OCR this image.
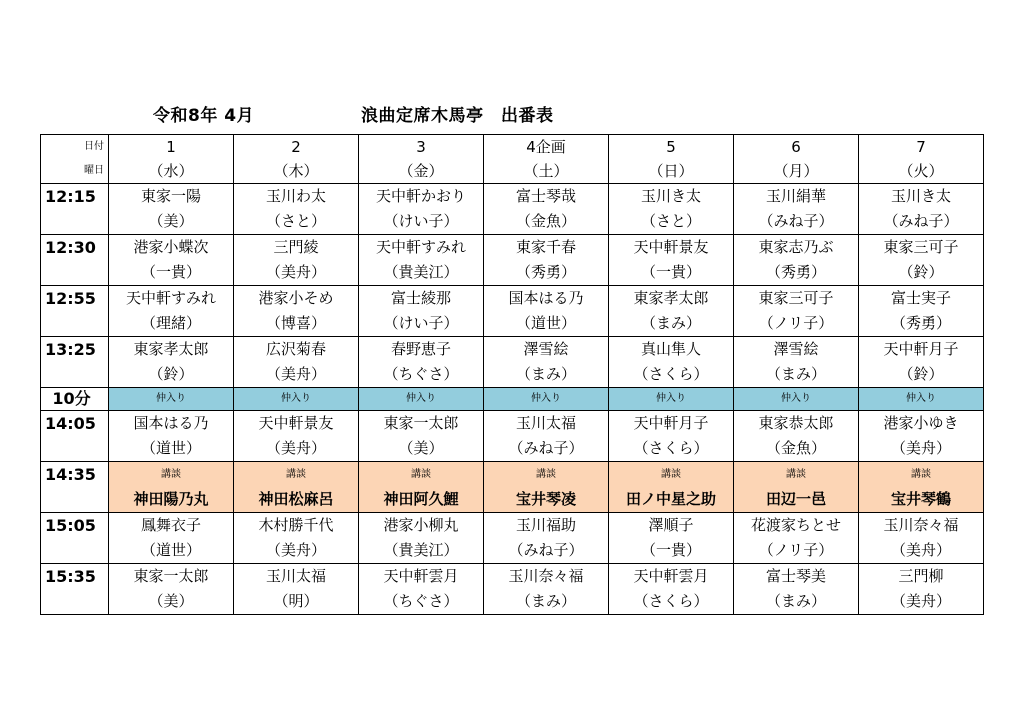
令和8年 4月	浪曲定席木馬亭　出番表
日付	1	2	3	4企画	5	6	7
曜日	（水）	（木）	（金）	（土）	（日）	（月）	（火）
12:15	東家一陽	玉川わ太	天中軒かおり	富士琴哉	玉川き太	玉川絹華	玉川き太
	（美）	（さと）	（けい子）	（金魚）	（さと）	（みね子）	（みね子）
12:30	港家小蝶次	三門綾	天中軒すみれ	東家千春	天中軒景友	東家志乃ぶ	東家三可子
	（一貴）	（美舟）	（貴美江）	（秀勇）	（一貴）	（秀勇）	（鈴）
12:55	天中軒すみれ	港家小そめ	富士綾那	国本はる乃	東家孝太郎	東家三可子	富士実子
	（理緒）	（博喜）	（けい子）	（道世）	（まみ）	（ノリ子）	（秀勇）
13:25	東家孝太郎	広沢菊春	春野恵子	澤雪絵	真山隼人	澤雪絵	天中軒月子
	（鈴）	（美舟）	（ちぐさ）	（まみ）	（さくら）	（まみ）	（鈴）
10分	仲入り	仲入り	仲入り	仲入り	仲入り	仲入り	仲入り
14:05	国本はる乃	天中軒景友	東家一太郎	玉川太福	天中軒月子	東家恭太郎	港家小ゆき
	（道世）	（美舟）	（美）	（みね子）	（さくら）	（金魚）	（美舟）
14:35	講談	講談	講談	講談	講談	講談	講談
	神田陽乃丸	神田松麻呂	神田阿久鯉	宝井琴凌	田ノ中星之助	田辺一邑	宝井琴鶴
15:05	鳳舞衣子	木村勝千代	港家小柳丸	玉川福助	澤順子	花渡家ちとせ	玉川奈々福
	（道世）	（美舟）	（貴美江）	（みね子）	（一貴）	（ノリ子）	（美舟）
15:35	東家一太郎	玉川太福	天中軒雲月	玉川奈々福	天中軒雲月	富士琴美	三門柳
	（美）	（明）	（ちぐさ）	（まみ）	（さくら）	（まみ）	（美舟）
